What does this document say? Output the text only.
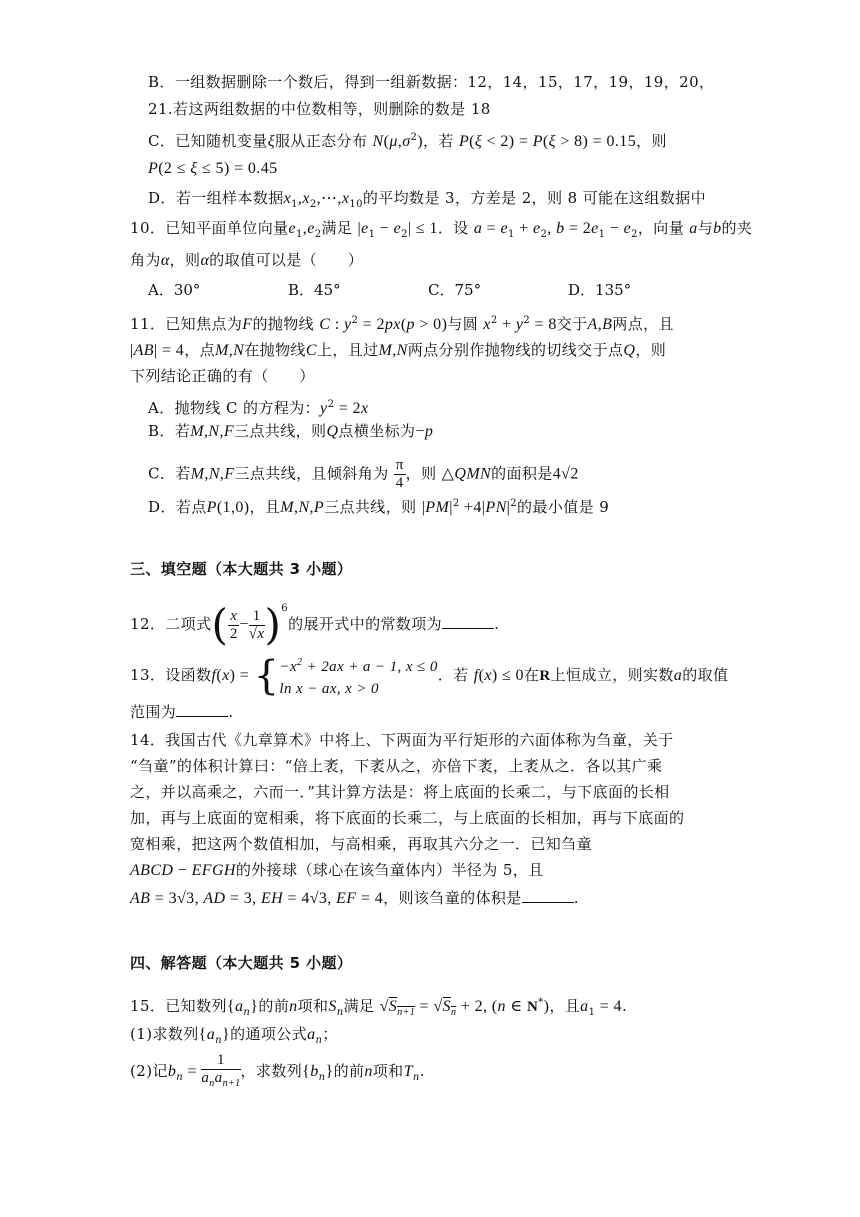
B．一组数据删除一个数后，得到一组新数据：12，14，15，17，19，19，20，
21.若这两组数据的中位数相等，则删除的数是 18
C．已知随机变量ξ服从正态分布 $N(\mu,\sigma^2)$，若 P(ξ < 2) = P(ξ > 8) = 0.15，则
P(2 ≤ ξ ≤ 5) = 0.45
D．若一组样本数据$x_1,x_2,\cdots,x_{10}$的平均数是 3，方差是 2，则 8 可能在这组数据中
10．已知平面单位向量$e_1,e_2$满足 $|e_1 - e_2| \le 1$．设 $a = e_1 + e_2$, $b = 2e_1 - e_2$，向量 a与b的夹
角为α，则α的取值可以是（　　）
A．30°	B．45°	C．75°	D．135°
11．已知焦点为F的抛物线 C : $y^2 = 2px(p > 0)$与圆 $x^2 + y^2 = 8$交于A,B两点，且
|AB| = 4，点M,N在抛物线C上，且过M,N两点分别作抛物线的切线交于点Q，则
下列结论正确的有（　　）
A．抛物线 C 的方程为：$y^2 = 2x$
B．若M,N,F三点共线，则Q点横坐标为−p
C．若M,N,F三点共线，且倾斜角为 $\frac{\pi}{4}$ ，则 △QMN的面积是4√2
D．若点P(1,0)，且M,N,P三点共线，则 $|PM|^2 +4|PN|^2$的最小值是 9
三、填空题（本大题共 3 小题）
12．二项式( $\frac{x}{2} - \frac{1}{√x} )^6$的展开式中的常数项为	.
13．设函数$f(x) = \{-x^2 + 2ax + a - 1$, x ≤ 0
ln x − ax, x > 0．若 f(x) ≤ 0在R上恒成立，则实数a的取值
范围为	.
14．我国古代《九章算术》中将上、下两面为平行矩形的六面体称为刍童，关于
“刍童”的体积计算曰：“倍上袤，下袤从之，亦倍下袤，上袤从之．各以其广乘
之，并以高乘之，六而一．”其计算方法是：将上底面的长乘二，与下底面的长相
加，再与上底面的宽相乘，将下底面的长乘二，与上底面的长相加，再与下底面的
宽相乘，把这两个数值相加，与高相乘，再取其六分之一．已知刍童
ABCD − EFGH的外接球（球心在该刍童体内）半径为 5，且
AB = 3√3, AD = 3, EH = 4√3, EF = 4，则该刍童的体积是	.
四、解答题（本大题共 5 小题）
15．已知数列$\{a_n\}$的前n项和$S_n$满足 $√S_{n+1} = √S_n + 2$, (n ∈ N*)，且$a_1 = 4$.
(1)求数列$\{a_n\}$的通项公式$a_n$；
(2)记$b_n = \frac{1}{a_na_{n+1}}$ ，求数列$\{b_n\}$的前n项和$T_n$.
